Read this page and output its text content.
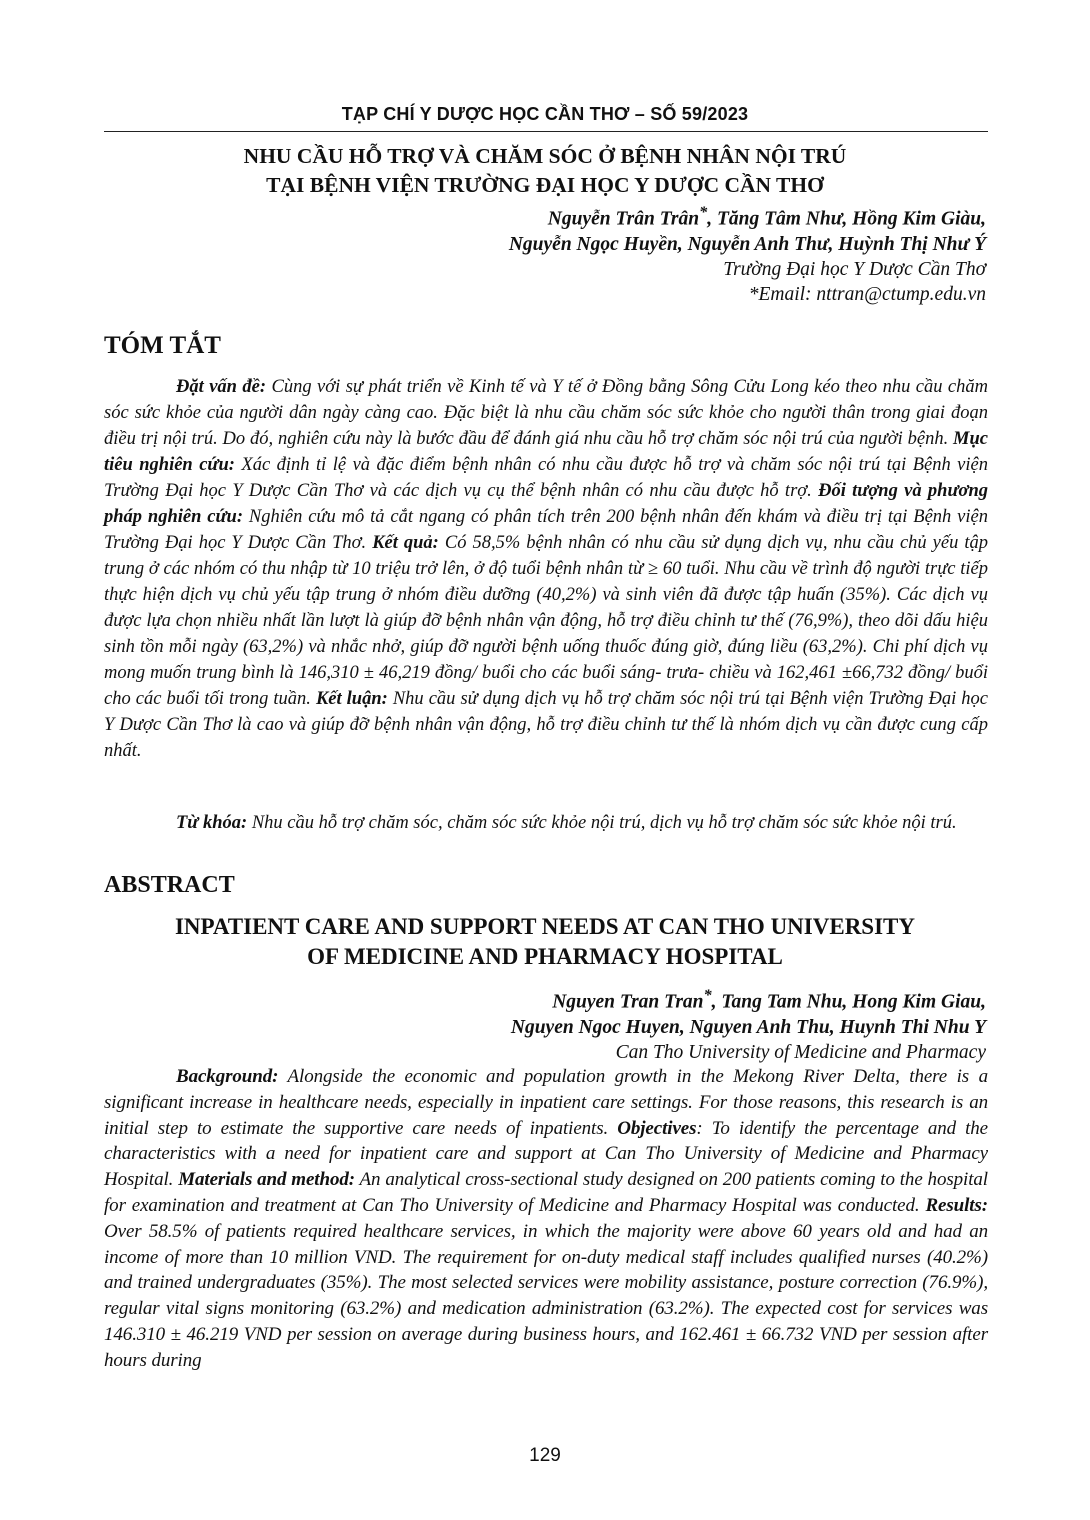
TẠP CHÍ Y DƯỢC HỌC CẦN THƠ – SỐ 59/2023
NHU CẦU HỖ TRỢ VÀ CHĂM SÓC Ở BỆNH NHÂN NỘI TRÚ
TẠI BỆNH VIỆN TRƯỜNG ĐẠI HỌC Y DƯỢC CẦN THƠ
Nguyễn Trân Trân*, Tăng Tâm Như, Hồng Kim Giàu,
Nguyễn Ngọc Huyền, Nguyễn Anh Thư, Huỳnh Thị Như Ý
Trường Đại học Y Dược Cần Thơ
*Email: nttran@ctump.edu.vn
TÓM TẮT

Đặt vấn đề: Cùng với sự phát triển về Kinh tế và Y tế ở Đồng bằng Sông Cửu Long kéo theo nhu cầu chăm sóc sức khỏe của người dân ngày càng cao. Đặc biệt là nhu cầu chăm sóc sức khỏe cho người thân trong giai đoạn điều trị nội trú. Do đó, nghiên cứu này là bước đầu để đánh giá nhu cầu hỗ trợ chăm sóc nội trú của người bệnh. Mục tiêu nghiên cứu: Xác định tỉ lệ và đặc điểm bệnh nhân có nhu cầu được hỗ trợ và chăm sóc nội trú tại Bệnh viện Trường Đại học Y Dược Cần Thơ và các dịch vụ cụ thể bệnh nhân có nhu cầu được hỗ trợ. Đối tượng và phương pháp nghiên cứu: Nghiên cứu mô tả cắt ngang có phân tích trên 200 bệnh nhân đến khám và điều trị tại Bệnh viện Trường Đại học Y Dược Cần Thơ. Kết quả: Có 58,5% bệnh nhân có nhu cầu sử dụng dịch vụ, nhu cầu chủ yếu tập trung ở các nhóm có thu nhập từ 10 triệu trở lên, ở độ tuổi bệnh nhân từ ≥ 60 tuổi. Nhu cầu về trình độ người trực tiếp thực hiện dịch vụ chủ yếu tập trung ở nhóm điều dưỡng (40,2%) và sinh viên đã được tập huấn (35%). Các dịch vụ được lựa chọn nhiều nhất lần lượt là giúp đỡ bệnh nhân vận động, hỗ trợ điều chỉnh tư thế (76,9%), theo dõi dấu hiệu sinh tồn mỗi ngày (63,2%) và nhắc nhở, giúp đỡ người bệnh uống thuốc đúng giờ, đúng liều (63,2%). Chi phí dịch vụ mong muốn trung bình là 146,310 ± 46,219 đồng/ buổi cho các buổi sáng- trưa- chiều và 162,461 ±66,732 đồng/ buổi cho các buổi tối trong tuần. Kết luận: Nhu cầu sử dụng dịch vụ hỗ trợ chăm sóc nội trú tại Bệnh viện Trường Đại học Y Dược Cần Thơ là cao và giúp đỡ bệnh nhân vận động, hỗ trợ điều chỉnh tư thế là nhóm dịch vụ cần được cung cấp nhất.

Từ khóa: Nhu cầu hỗ trợ chăm sóc, chăm sóc sức khỏe nội trú, dịch vụ hỗ trợ chăm sóc sức khỏe nội trú.

ABSTRACT
INPATIENT CARE AND SUPPORT NEEDS AT CAN THO UNIVERSITY
OF MEDICINE AND PHARMACY HOSPITAL
Nguyen Tran Tran*, Tang Tam Nhu, Hong Kim Giau,
Nguyen Ngoc Huyen, Nguyen Anh Thu, Huynh Thi Nhu Y
Can Tho University of Medicine and Pharmacy

Background: Alongside the economic and population growth in the Mekong River Delta, there is a significant increase in healthcare needs, especially in inpatient care settings. For those reasons, this research is an initial step to estimate the supportive care needs of inpatients. Objectives: To identify the percentage and the characteristics with a need for inpatient care and support at Can Tho University of Medicine and Pharmacy Hospital. Materials and method: An analytical cross-sectional study designed on 200 patients coming to the hospital for examination and treatment at Can Tho University of Medicine and Pharmacy Hospital was conducted. Results: Over 58.5% of patients required healthcare services, in which the majority were above 60 years old and had an income of more than 10 million VND. The requirement for on-duty medical staff includes qualified nurses (40.2%) and trained undergraduates (35%). The most selected services were mobility assistance, posture correction (76.9%), regular vital signs monitoring (63.2%) and medication administration (63.2%). The expected cost for services was 146.310 ± 46.219 VND per session on average during business hours, and 162.461 ± 66.732 VND per session after hours during

129
